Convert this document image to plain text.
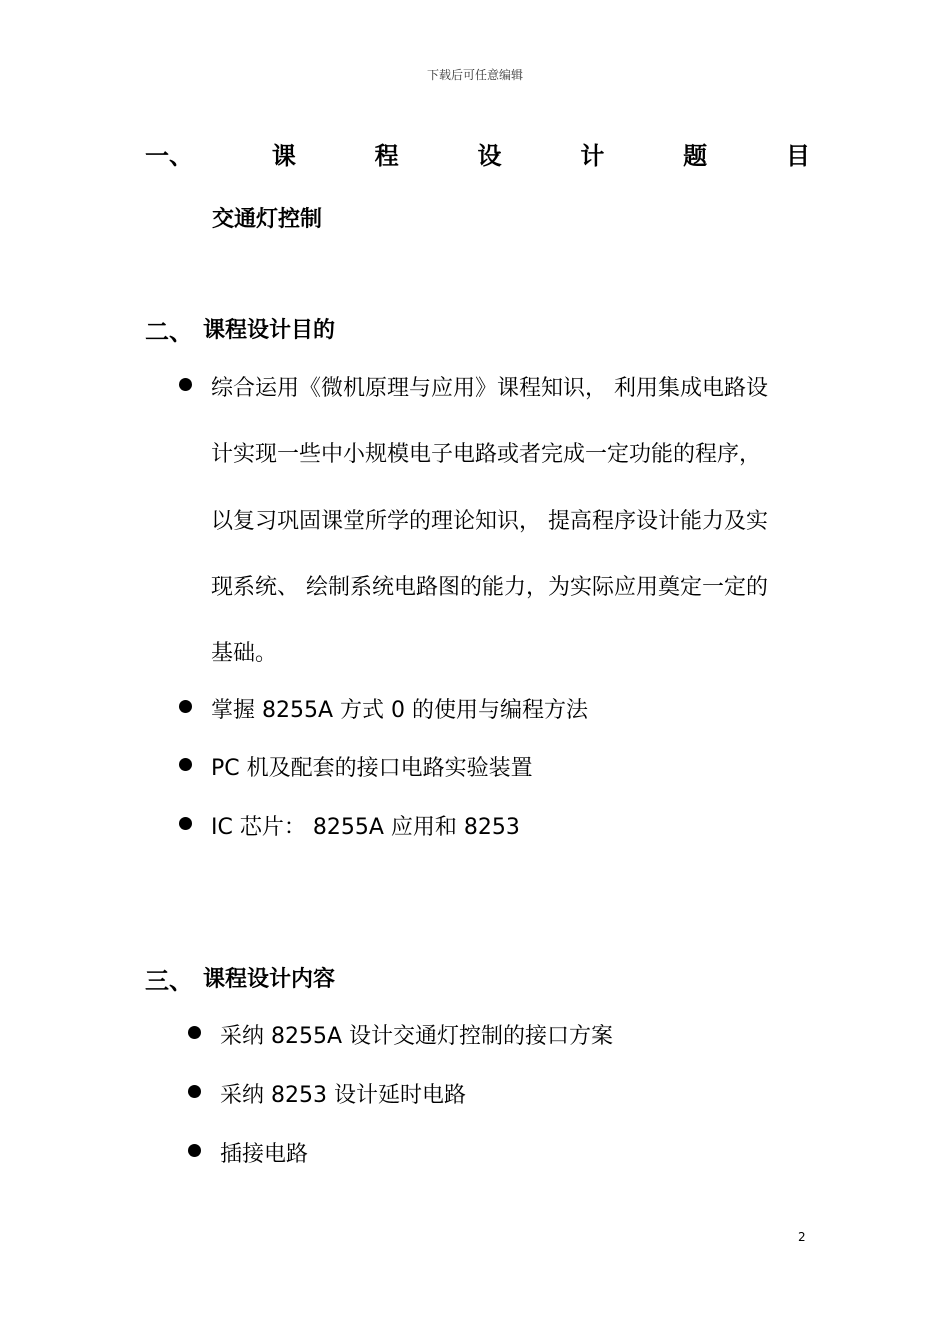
下载后可任意编辑
一、	课	程	设	计	题	目
交通灯控制
二、 课程设计目的
综合运用《微机原理与应用》课程知识， 利用集成电路设
计实现一些中小规模电子电路或者完成一定功能的程序，
以复习巩固课堂所学的理论知识， 提高程序设计能力及实
现系统、 绘制系统电路图的能力，为实际应用奠定一定的
基础。
掌握 8255A 方式 0 的使用与编程方法
PC 机及配套的接口电路实验装置
IC 芯片： 8255A 应用和 8253
三、 课程设计内容
采纳 8255A 设计交通灯控制的接口方案
采纳 8253 设计延时电路
插接电路
2
